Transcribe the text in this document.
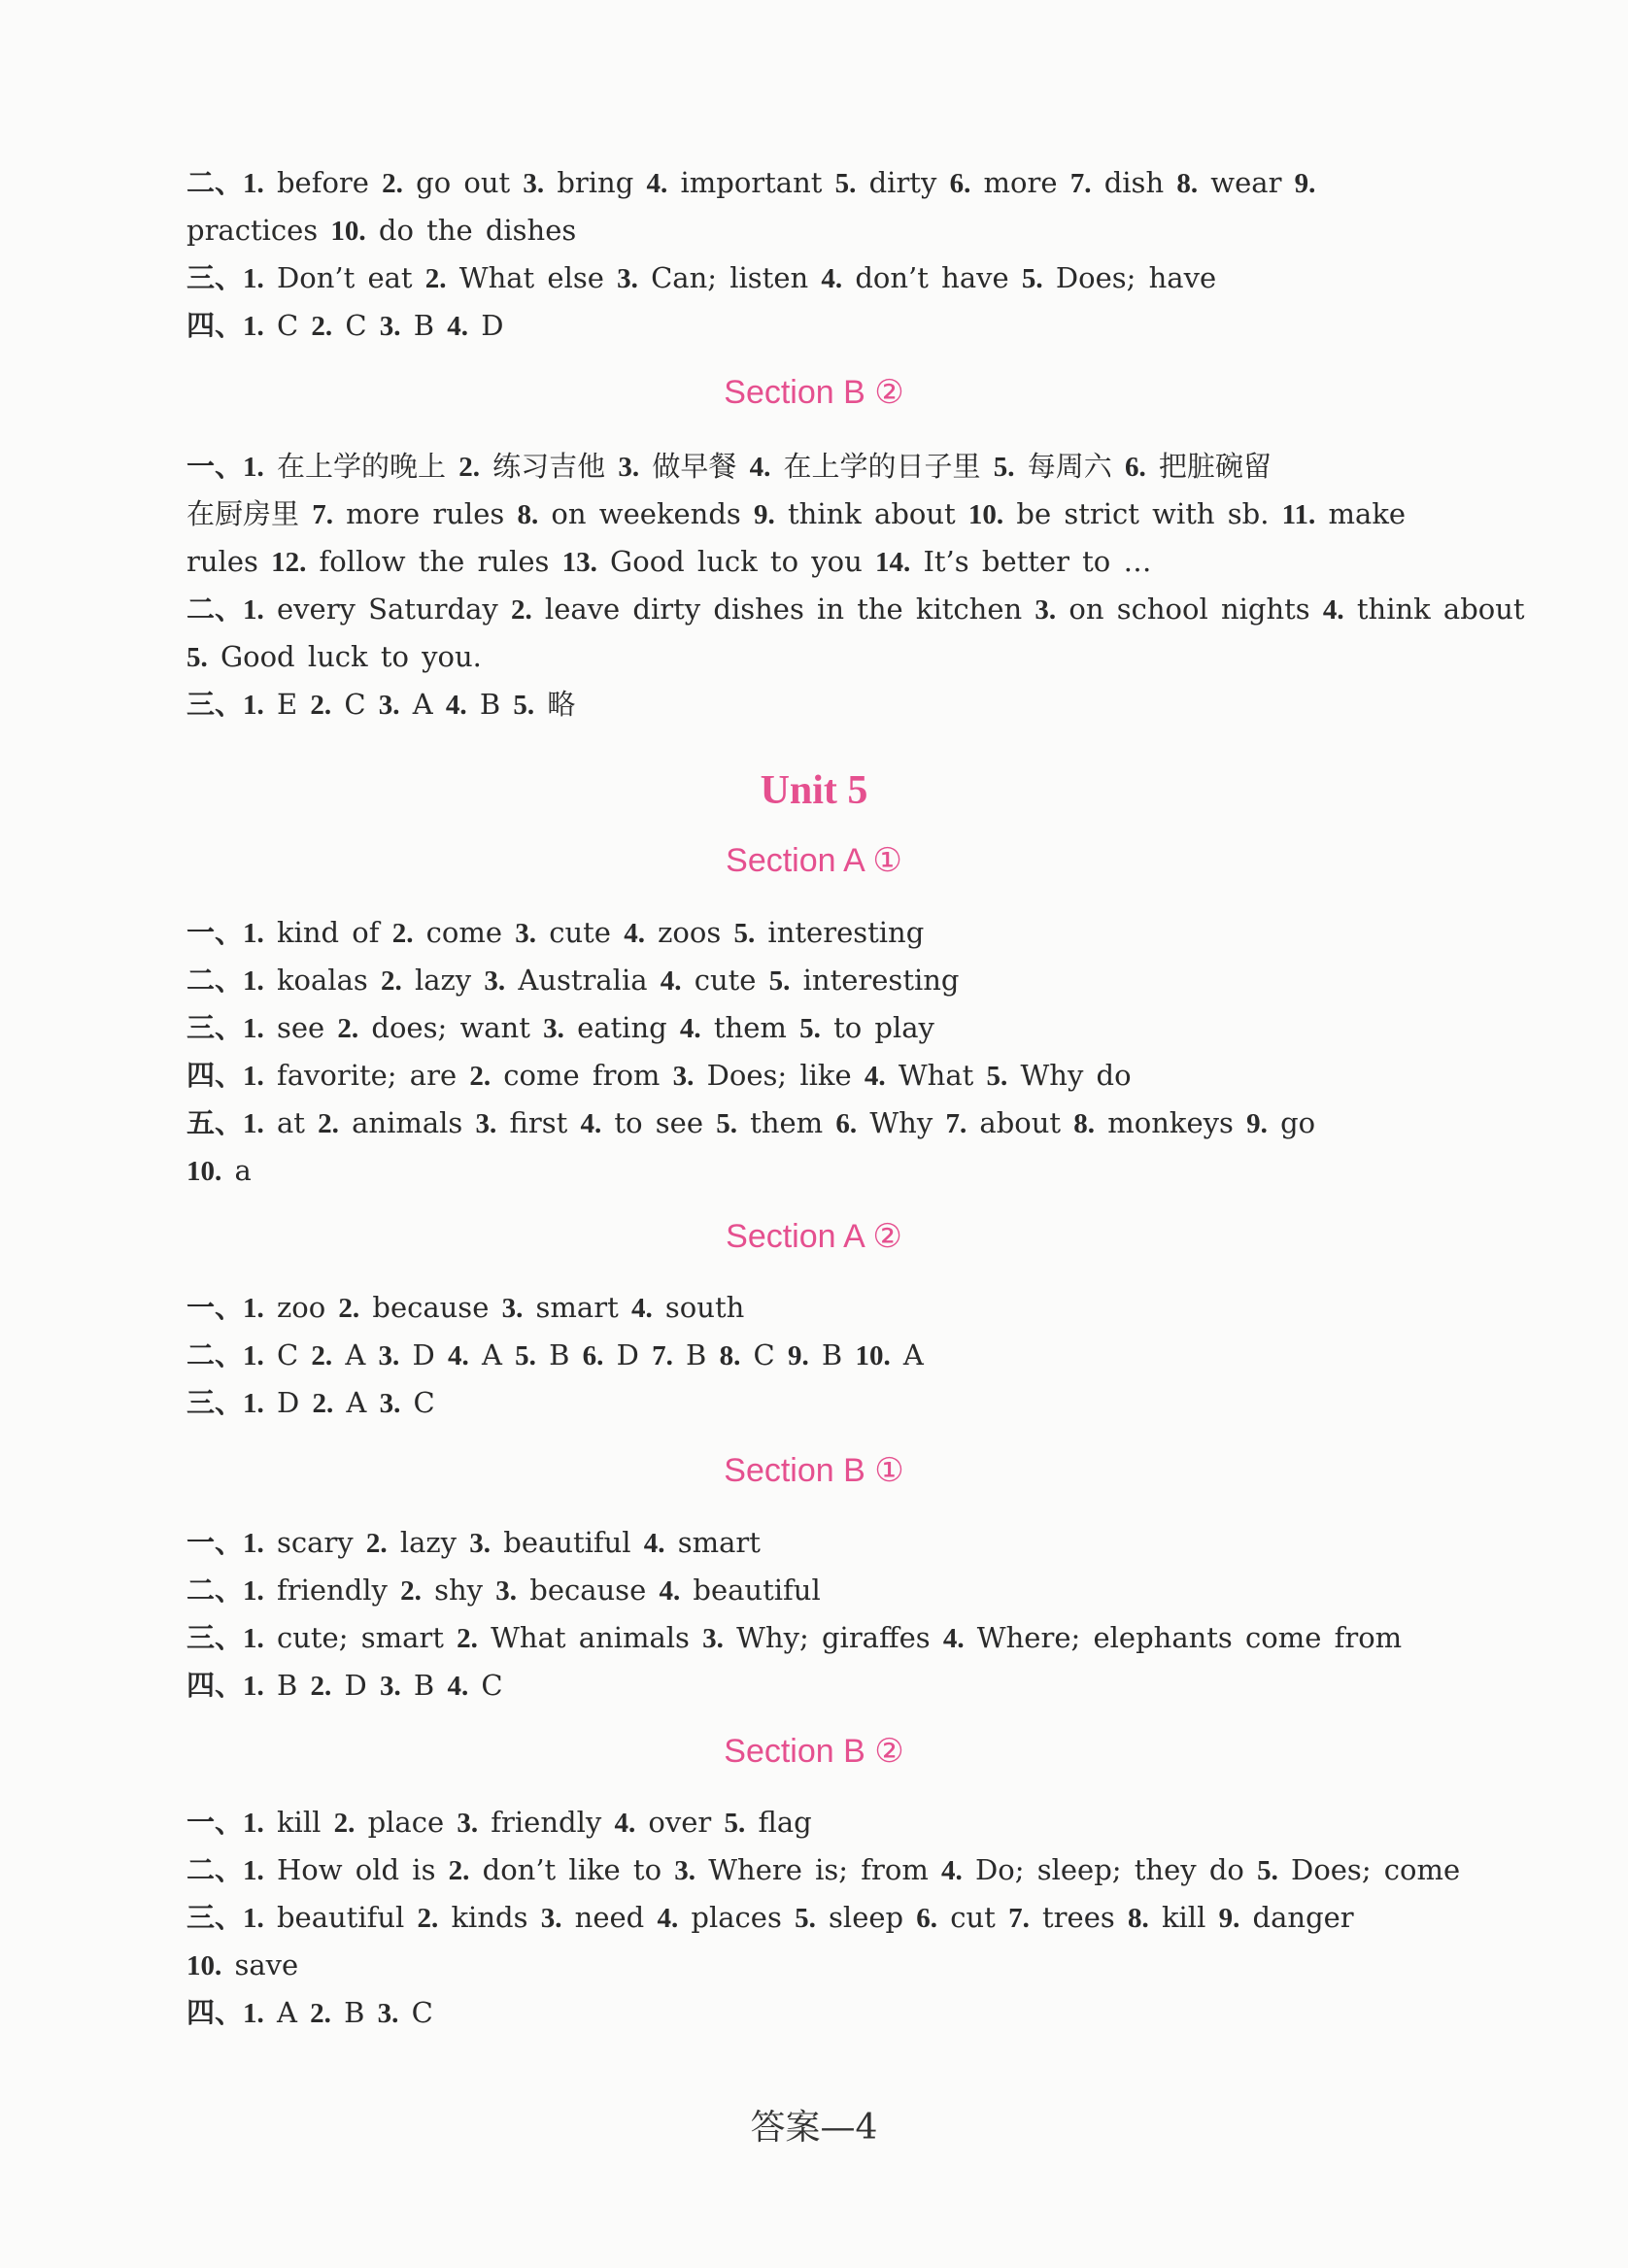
二、1. before 2. go out 3. bring 4. important 5. dirty 6. more 7. dish 8. wear 9.
practices 10. do the dishes
三、1. Don’t eat 2. What else 3. Can; listen 4. don’t have 5. Does; have
四、1. C 2. C 3. B 4. D
Section B ②
一、1. 在上学的晚上 2. 练习吉他 3. 做早餐 4. 在上学的日子里 5. 每周六 6. 把脏碗留
在厨房里 7. more rules 8. on weekends 9. think about 10. be strict with sb. 11. make
rules 12. follow the rules 13. Good luck to you 14. It’s better to …
二、1. every Saturday 2. leave dirty dishes in the kitchen 3. on school nights 4. think about
5. Good luck to you.
三、1. E 2. C 3. A 4. B 5. 略
Unit 5
Section A ①
一、1. kind of 2. come 3. cute 4. zoos 5. interesting
二、1. koalas 2. lazy 3. Australia 4. cute 5. interesting
三、1. see 2. does; want 3. eating 4. them 5. to play
四、1. favorite; are 2. come from 3. Does; like 4. What 5. Why do
五、1. at 2. animals 3. first 4. to see 5. them 6. Why 7. about 8. monkeys 9. go
10. a
Section A ②
一、1. zoo 2. because 3. smart 4. south
二、1. C 2. A 3. D 4. A 5. B 6. D 7. B 8. C 9. B 10. A
三、1. D 2. A 3. C
Section B ①
一、1. scary 2. lazy 3. beautiful 4. smart
二、1. friendly 2. shy 3. because 4. beautiful
三、1. cute; smart 2. What animals 3. Why; giraffes 4. Where; elephants come from
四、1. B 2. D 3. B 4. C
Section B ②
一、1. kill 2. place 3. friendly 4. over 5. flag
二、1. How old is 2. don’t like to 3. Where is; from 4. Do; sleep; they do 5. Does; come
三、1. beautiful 2. kinds 3. need 4. places 5. sleep 6. cut 7. trees 8. kill 9. danger
10. save
四、1. A 2. B 3. C
答案—4
